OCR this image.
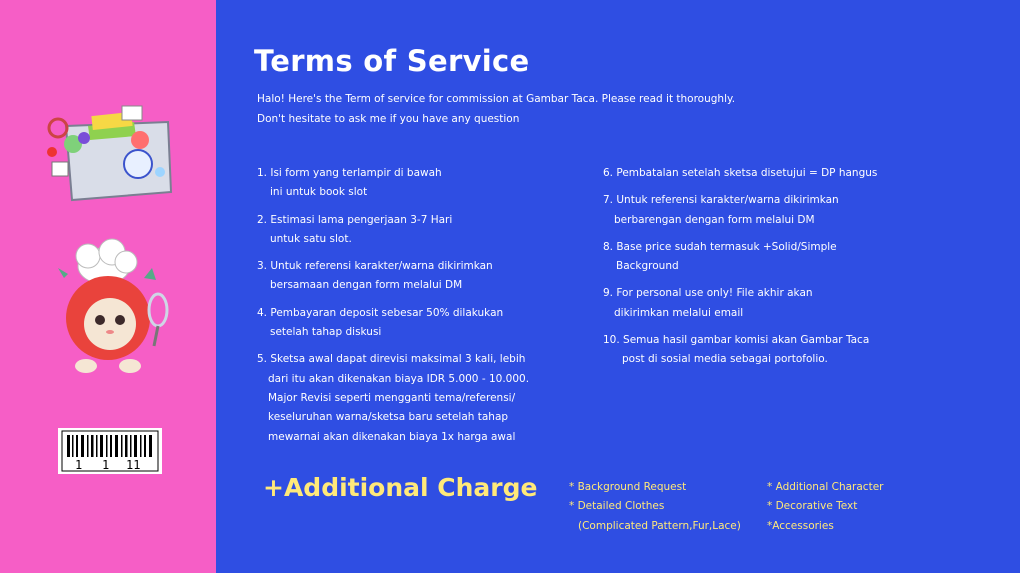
1 1 11
Terms of Service
Halo! Here's the Term of service for commission at Gambar Taca. Please read it thoroughly.
Don't hesitate to ask me if you have any question
1. Isi form yang terlampir di bawah
ini untuk book slot
2. Estimasi lama pengerjaan 3-7 Hari
untuk satu slot.
3. Untuk referensi karakter/warna dikirimkan
bersamaan dengan form melalui DM
4. Pembayaran deposit sebesar 50% dilakukan
setelah tahap diskusi
5. Sketsa awal dapat direvisi maksimal 3 kali, lebih
dari itu akan dikenakan biaya IDR 5.000 - 10.000.
Major Revisi seperti mengganti tema/referensi/
keseluruhan warna/sketsa baru setelah tahap
mewarnai akan dikenakan biaya 1x harga awal
6. Pembatalan setelah sketsa disetujui = DP hangus
7. Untuk referensi karakter/warna dikirimkan
berbarengan dengan form melalui DM
8. Base price sudah termasuk +Solid/Simple
Background
9. For personal use only! File akhir akan
dikirimkan melalui email
10. Semua hasil gambar komisi akan Gambar Taca
post di sosial media sebagai portofolio.
+Additional Charge	* Background Request
* Detailed Clothes
(Complicated Pattern,Fur,Lace)
* Additional Character
* Decorative Text
*Accessories
